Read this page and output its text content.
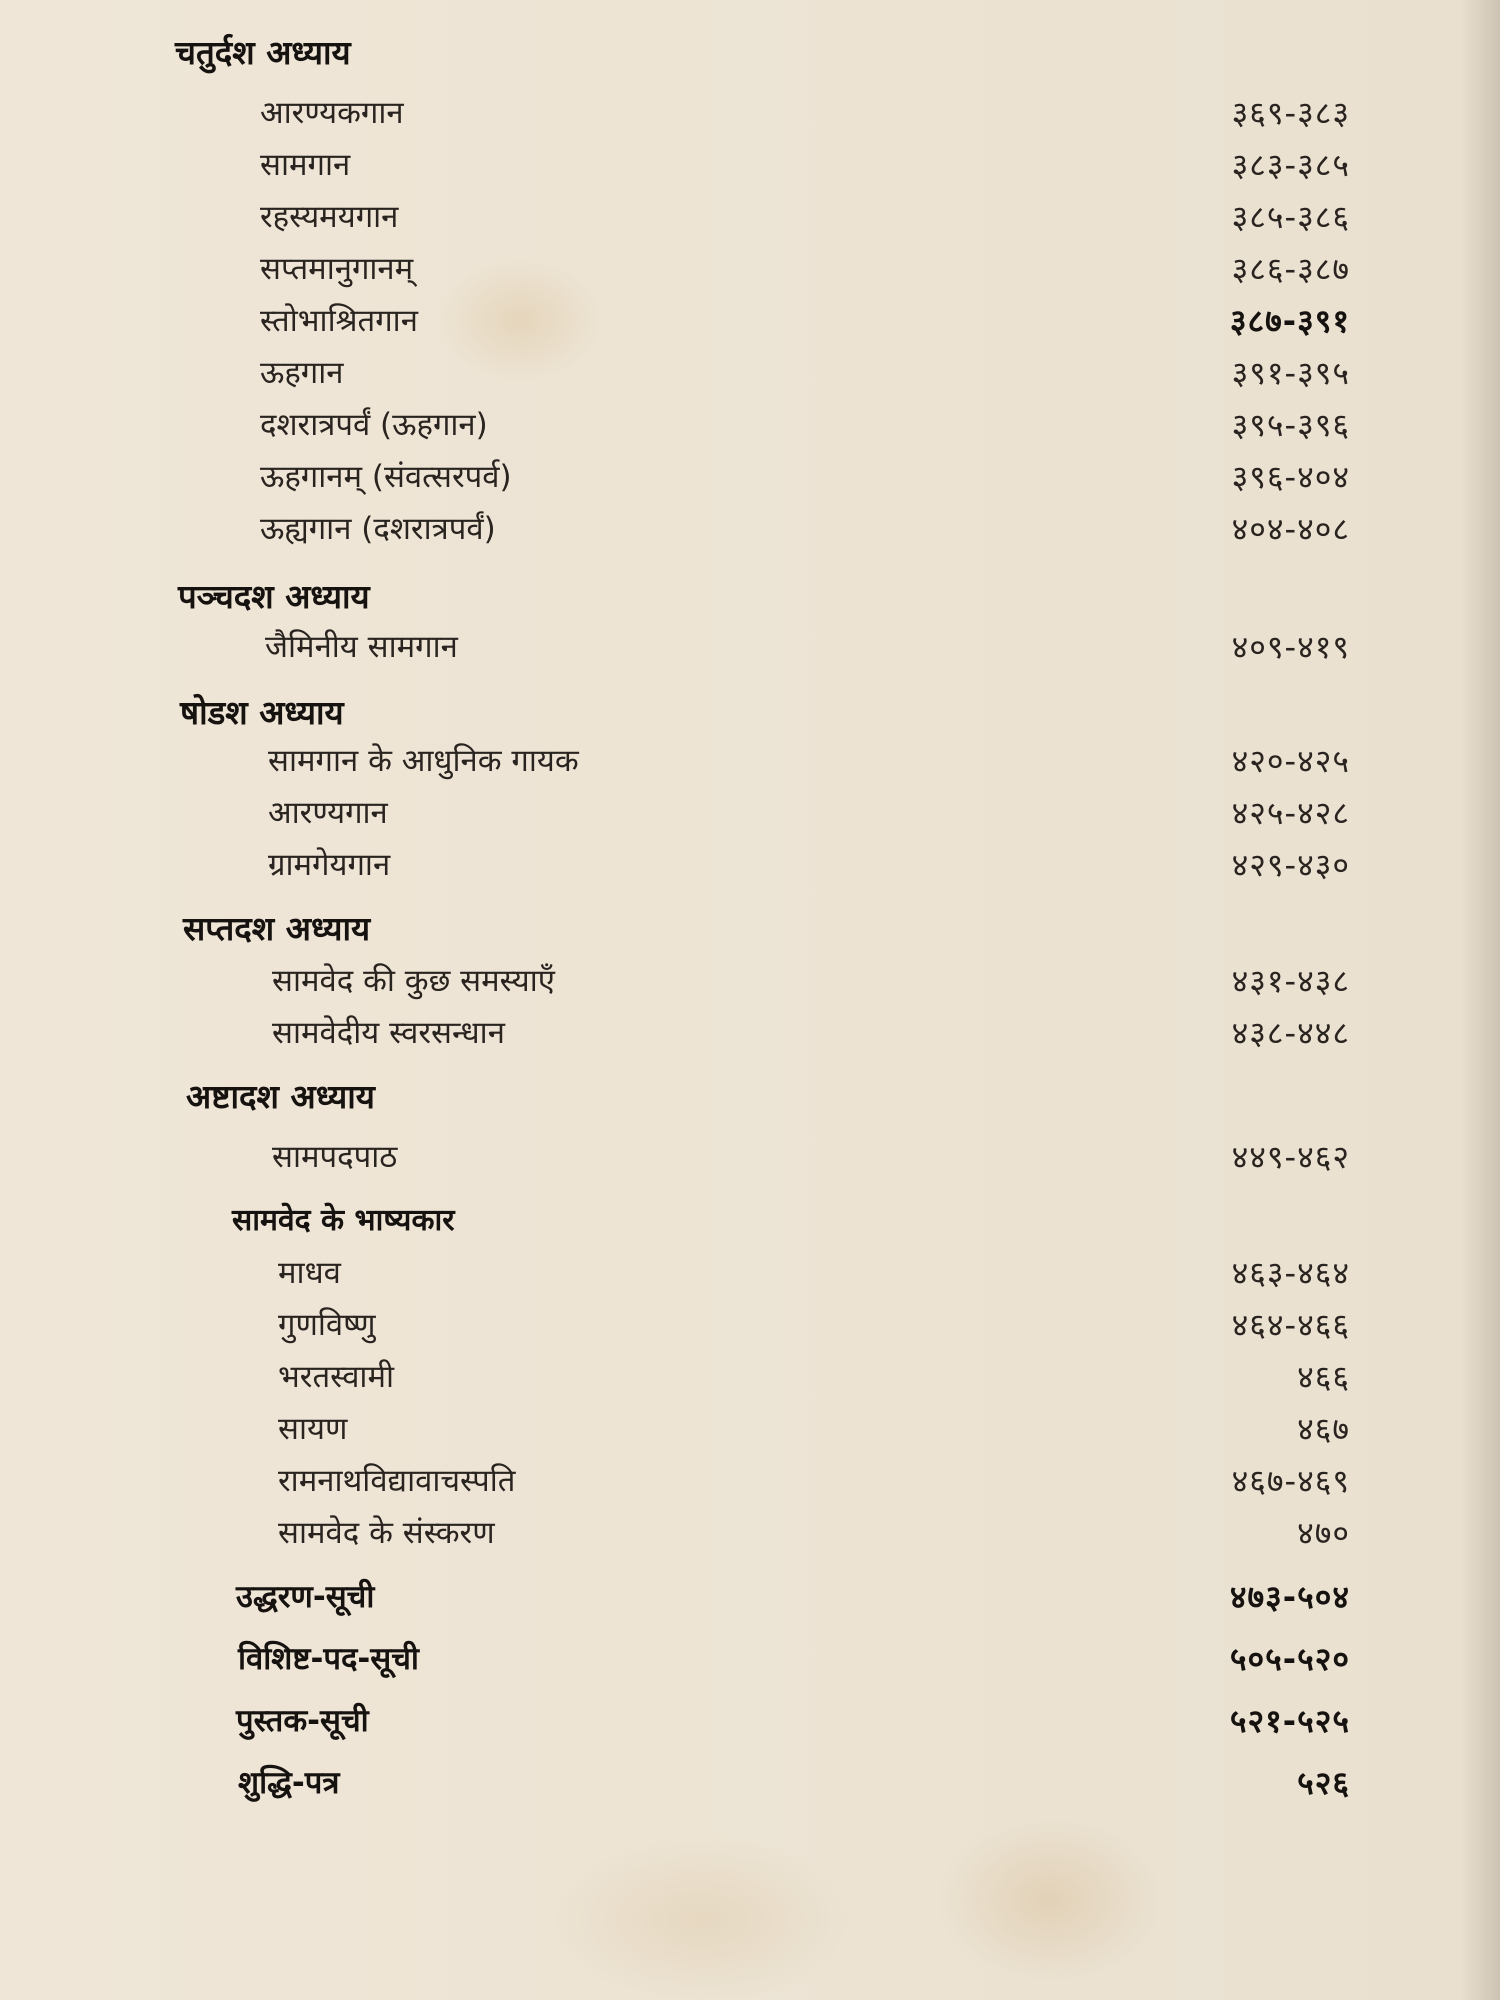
चतुर्दश अध्याय
आरण्यकगान	३६९-३८३
सामगान	३८३-३८५
रहस्यमयगान	३८५-३८६
सप्तमानुगानम्	३८६-३८७
स्तोभाश्रितगान	३८७-३९१
ऊहगान	३९१-३९५
दशरात्रपर्वं (ऊहगान)	३९५-३९६
ऊहगानम् (संवत्सरपर्व)	३९६-४०४
ऊह्यगान (दशरात्रपर्वं)	४०४-४०८
पञ्चदश अध्याय
जैमिनीय सामगान	४०९-४१९
षोडश अध्याय
सामगान के आधुनिक गायक	४२०-४२५
आरण्यगान	४२५-४२८
ग्रामगेयगान	४२९-४३०
सप्तदश अध्याय
सामवेद की कुछ समस्याएँ	४३१-४३८
सामवेदीय स्वरसन्धान	४३८-४४८
अष्टादश अध्याय
सामपदपाठ	४४९-४६२
सामवेद के भाष्यकार
माधव	४६३-४६४
गुणविष्णु	४६४-४६६
भरतस्वामी	४६६
सायण	४६७
रामनाथविद्यावाचस्पति	४६७-४६९
सामवेद के संस्करण	४७०
उद्धरण-सूची	४७३-५०४
विशिष्ट-पद-सूची	५०५-५२०
पुस्तक-सूची	५२१-५२५
शुद्धि-पत्र	५२६
